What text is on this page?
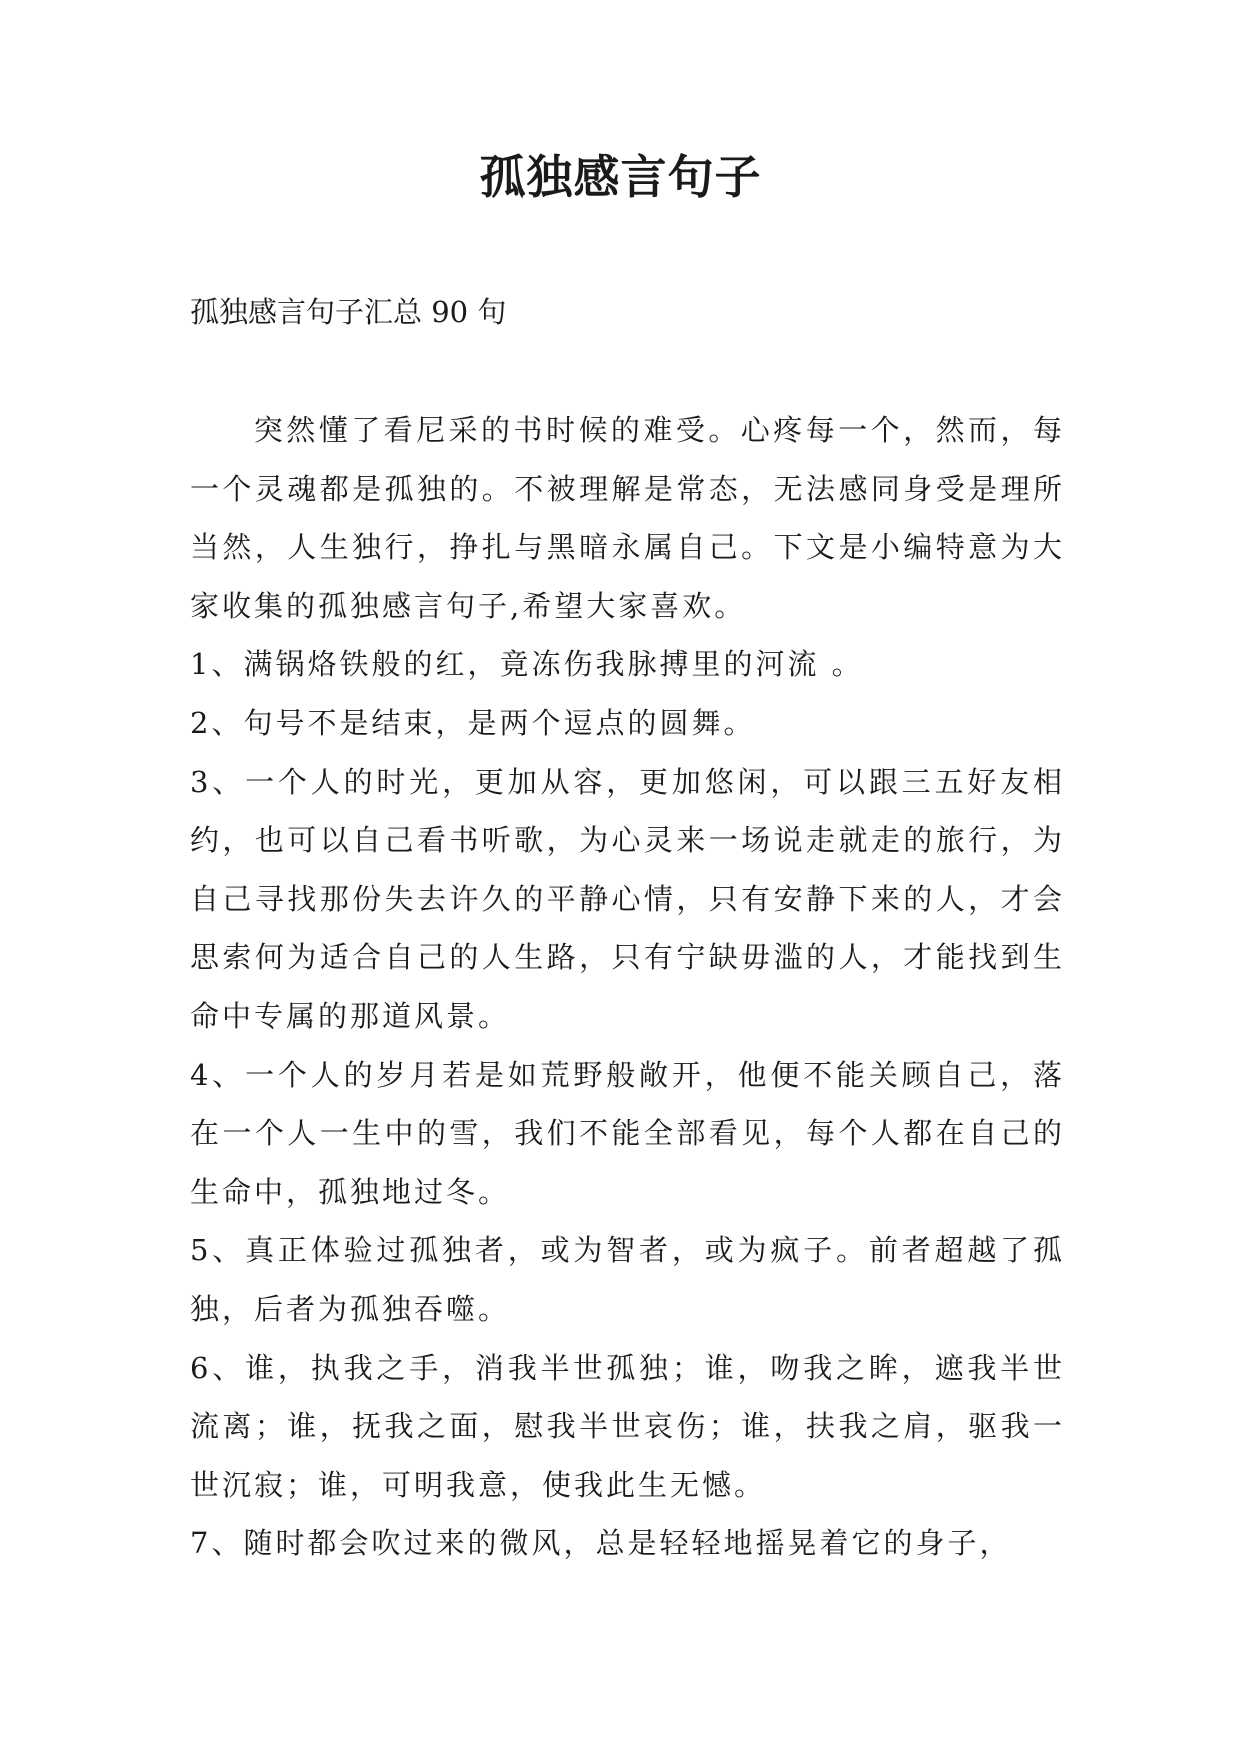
孤独感言句子

孤独感言句子汇总 90 句

突然懂了看尼采的书时候的难受。心疼每一个，然而，每一个灵魂都是孤独的。不被理解是常态，无法感同身受是理所当然，人生独行，挣扎与黑暗永属自己。下文是小编特意为大家收集的孤独感言句子,希望大家喜欢。

1、满锅烙铁般的红，竟冻伤我脉搏里的河流 。

2、句号不是结束，是两个逗点的圆舞。

3、一个人的时光，更加从容，更加悠闲，可以跟三五好友相约，也可以自己看书听歌，为心灵来一场说走就走的旅行，为自己寻找那份失去许久的平静心情，只有安静下来的人，才会思索何为适合自己的人生路，只有宁缺毋滥的人，才能找到生命中专属的那道风景。

4、一个人的岁月若是如荒野般敞开，他便不能关顾自己，落在一个人一生中的雪，我们不能全部看见，每个人都在自己的生命中，孤独地过冬。

5、真正体验过孤独者，或为智者，或为疯子。前者超越了孤独，后者为孤独吞噬。

6、谁，执我之手，消我半世孤独；谁，吻我之眸，遮我半世流离；谁，抚我之面，慰我半世哀伤；谁，扶我之肩，驱我一世沉寂；谁，可明我意，使我此生无憾。

7、随时都会吹过来的微风，总是轻轻地摇晃着它的身子，
